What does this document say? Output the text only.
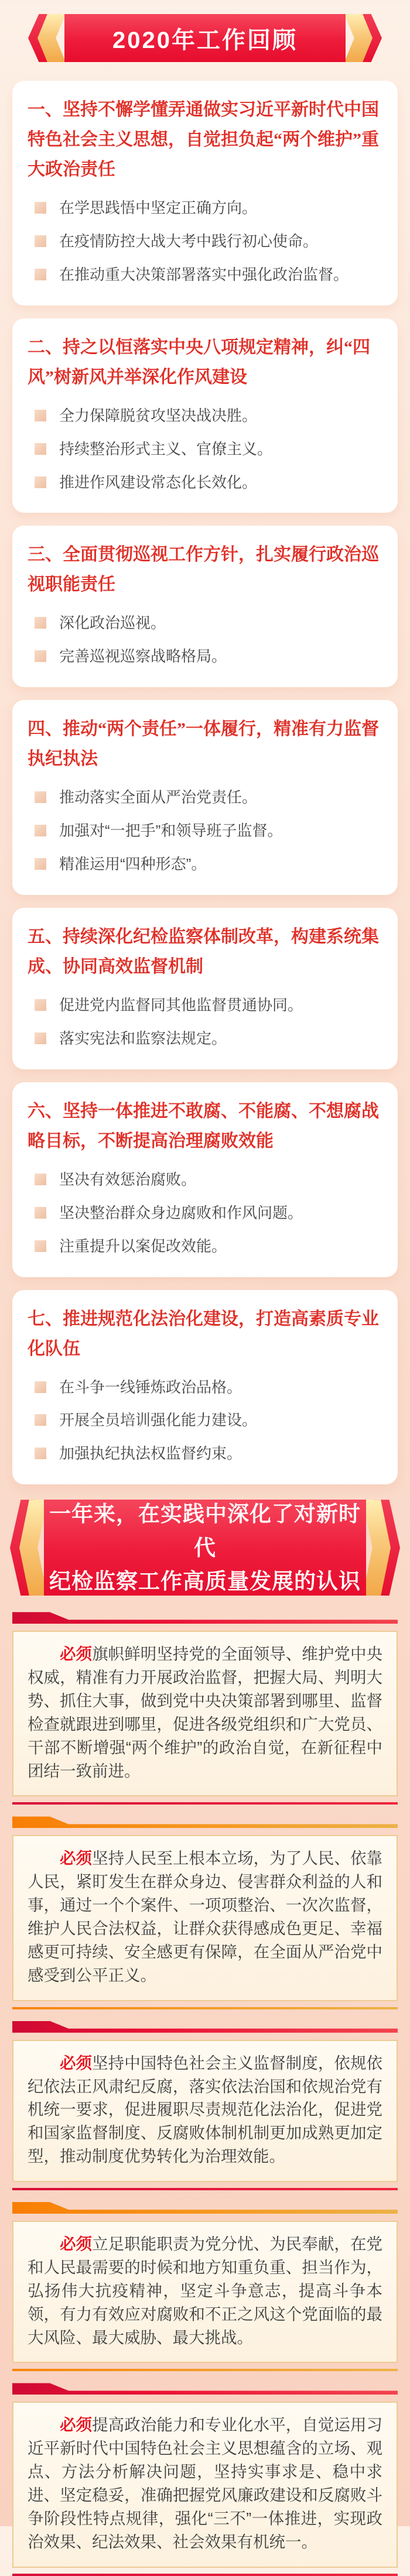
2020年工作回顾
一、坚持不懈学懂弄通做实习近平新时代中国特色社会主义思想，自觉担负起“两个维护”重大政治责任
在学思践悟中坚定正确方向。
在疫情防控大战大考中践行初心使命。
在推动重大决策部署落实中强化政治监督。
二、持之以恒落实中央八项规定精神，纠“四风”树新风并举深化作风建设
全力保障脱贫攻坚决战决胜。
持续整治形式主义、官僚主义。
推进作风建设常态化长效化。
三、全面贯彻巡视工作方针，扎实履行政治巡视职能责任
深化政治巡视。
完善巡视巡察战略格局。
四、推动“两个责任”一体履行，精准有力监督执纪执法
推动落实全面从严治党责任。
加强对“一把手”和领导班子监督。
精准运用“四种形态”。
五、持续深化纪检监察体制改革，构建系统集成、协同高效监督机制
促进党内监督同其他监督贯通协同。
落实宪法和监察法规定。
六、坚持一体推进不敢腐、不能腐、不想腐战略目标，不断提高治理腐败效能
坚决有效惩治腐败。
坚决整治群众身边腐败和作风问题。
注重提升以案促改效能。
七、推进规范化法治化建设，打造高素质专业化队伍
在斗争一线锤炼政治品格。
开展全员培训强化能力建设。
加强执纪执法权监督约束。
一年来，在实践中深化了对新时代
纪检监察工作高质量发展的认识

必须旗帜鲜明坚持党的全面领导、维护党中央权威，精准有力开展政治监督，把握大局、判明大势、抓住大事，做到党中央决策部署到哪里、监督检查就跟进到哪里，促进各级党组织和广大党员、干部不断增强“两个维护”的政治自觉，在新征程中团结一致前进。

必须坚持人民至上根本立场，为了人民、依靠人民，紧盯发生在群众身边、侵害群众利益的人和事，通过一个个案件、一项项整治、一次次监督，维护人民合法权益，让群众获得感成色更足、幸福感更可持续、安全感更有保障，在全面从严治党中感受到公平正义。

必须坚持中国特色社会主义监督制度，依规依纪依法正风肃纪反腐，落实依法治国和依规治党有机统一要求，促进履职尽责规范化法治化，促进党和国家监督制度、反腐败体制机制更加成熟更加定型，推动制度优势转化为治理效能。

必须立足职能职责为党分忧、为民奉献，在党和人民最需要的时候和地方知重负重、担当作为，弘扬伟大抗疫精神，坚定斗争意志，提高斗争本领，有力有效应对腐败和不正之风这个党面临的最大风险、最大威胁、最大挑战。

必须提高政治能力和专业化水平，自觉运用习近平新时代中国特色社会主义思想蕴含的立场、观点、方法分析解决问题，坚持实事求是、稳中求进、坚定稳妥，准确把握党风廉政建设和反腐败斗争阶段性特点规律，强化“三不”一体推进，实现政治效果、纪法效果、社会效果有机统一。
